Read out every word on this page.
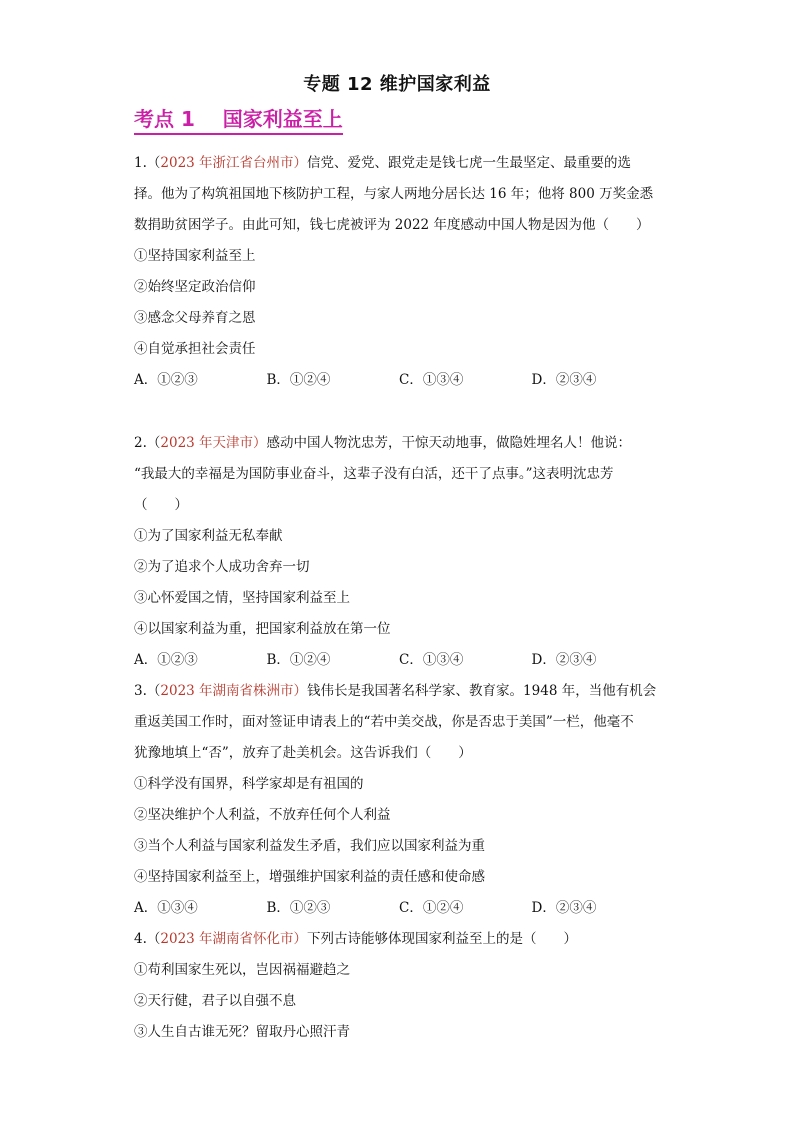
专题 12 维护国家利益
考点 1    国家利益至上

1.（2023 年浙江省台州市）信党、爱党、跟党走是钱七虎一生最坚定、最重要的选

择。他为了构筑祖国地下核防护工程，与家人两地分居长达 16 年；他将 800 万奖金悉

数捐助贫困学子。由此可知，钱七虎被评为 2022 年度感动中国人物是因为他（　　）

①坚持国家利益至上

②始终坚定政治信仰

③感念父母养育之恩

④自觉承担社会责任

A．①②③	B．①②④	C．①③④	D．②③④

2.（2023 年天津市）感动中国人物沈忠芳，干惊天动地事，做隐姓埋名人！他说：

“我最大的幸福是为国防事业奋斗，这辈子没有白活，还干了点事。”这表明沈忠芳

（　　）

①为了国家利益无私奉献

②为了追求个人成功舍弃一切

③心怀爱国之情，坚持国家利益至上

④以国家利益为重，把国家利益放在第一位

A．①②③	B．①②④	C．①③④	D．②③④

3.（2023 年湖南省株洲市）钱伟长是我国著名科学家、教育家。1948 年，当他有机会

重返美国工作时，面对签证申请表上的“若中美交战，你是否忠于美国”一栏，他毫不

犹豫地填上“否”，放弃了赴美机会。这告诉我们（　　）

①科学没有国界，科学家却是有祖国的

②坚决维护个人利益，不放弃任何个人利益

③当个人利益与国家利益发生矛盾，我们应以国家利益为重

④坚持国家利益至上，增强维护国家利益的责任感和使命感

A．①③④	B．①②③	C．①②④	D．②③④

4.（2023 年湖南省怀化市）下列古诗能够体现国家利益至上的是（　　）

①苟利国家生死以，岂因祸福避趋之

②天行健，君子以自强不息

③人生自古谁无死？留取丹心照汗青
